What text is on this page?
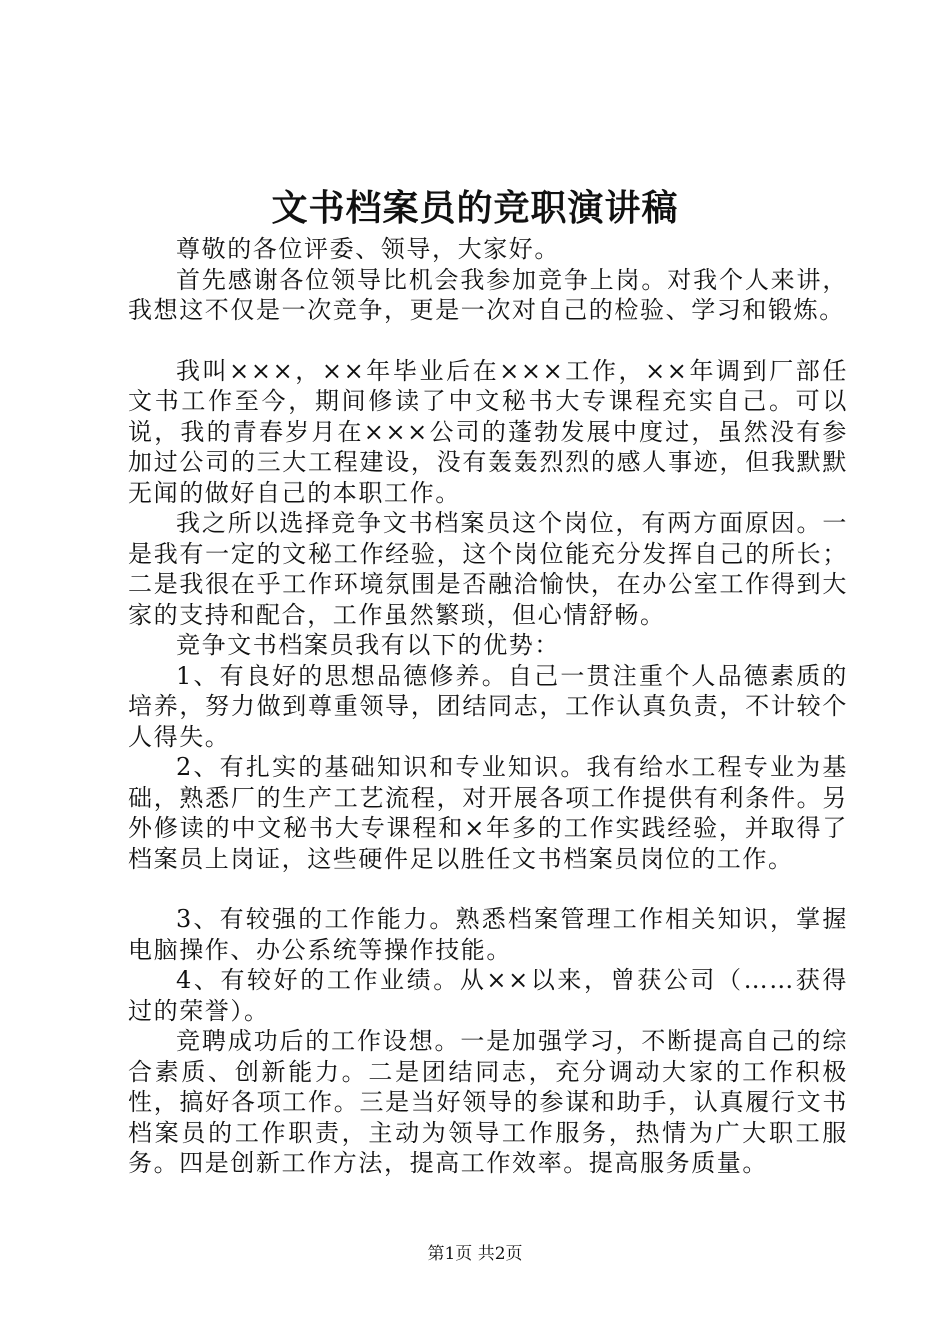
文书档案员的竞职演讲稿

尊敬的各位评委、领导，大家好。

首先感谢各位领导比机会我参加竞争上岗。对我个人来讲，我想这不仅是一次竞争，更是一次对自己的检验、学习和锻炼。

我叫×××，××年毕业后在×××工作，××年调到厂部任文书工作至今，期间修读了中文秘书大专课程充实自己。可以说，我的青春岁月在×××公司的蓬勃发展中度过，虽然没有参加过公司的三大工程建设，没有轰轰烈烈的感人事迹，但我默默无闻的做好自己的本职工作。

我之所以选择竞争文书档案员这个岗位，有两方面原因。一是我有一定的文秘工作经验，这个岗位能充分发挥自己的所长；二是我很在乎工作环境氛围是否融洽愉快，在办公室工作得到大家的支持和配合，工作虽然繁琐，但心情舒畅。

竞争文书档案员我有以下的优势：

1、有良好的思想品德修养。自己一贯注重个人品德素质的培养，努力做到尊重领导，团结同志，工作认真负责，不计较个人得失。

2、有扎实的基础知识和专业知识。我有给水工程专业为基础，熟悉厂的生产工艺流程，对开展各项工作提供有利条件。另外修读的中文秘书大专课程和×年多的工作实践经验，并取得了档案员上岗证，这些硬件足以胜任文书档案员岗位的工作。

3、有较强的工作能力。熟悉档案管理工作相关知识，掌握电脑操作、办公系统等操作技能。

4、有较好的工作业绩。从××以来，曾获公司（……获得过的荣誉）。

竞聘成功后的工作设想。一是加强学习，不断提高自己的综合素质、创新能力。二是团结同志，充分调动大家的工作积极性，搞好各项工作。三是当好领导的参谋和助手，认真履行文书档案员的工作职责，主动为领导工作服务，热情为广大职工服务。四是创新工作方法，提高工作效率。提高服务质量。

第1页 共2页
